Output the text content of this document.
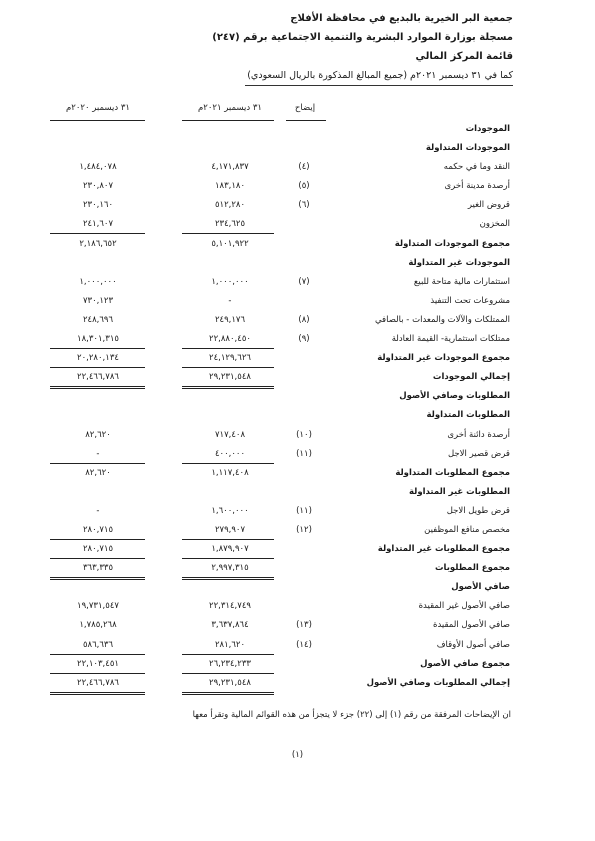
جمعية البر الخيرية بالبديع في محافظة الأفلاج
مسجلة بوزارة الموارد البشرية والتنمية الاجتماعية برقم (٢٤٧)
قائمة المركز المالي
كما في ٣١ ديسمبر ٢٠٢١م (جميع المبالغ المذكورة بالريال السعودي)
إيضاح
٣١ ديسمبر ٢٠٢١م
٣١ ديسمبر ٢٠٢٠م
الموجودات
الموجودات المتداولة
النقد وما في حكمه
(٤)
٤,١٧١,٨٣٧
١,٤٨٤,٠٧٨
أرصدة مدينة أخرى
(٥)
١٨٣,١٨٠
٢٣٠,٨٠٧
قروض الغير
(٦)
٥١٢,٢٨٠
٢٣٠,١٦٠
المخزون
٢٣٤,٦٢٥
٢٤١,٦٠٧
مجموع الموجودات المتداولة
٥,١٠١,٩٢٢
٢,١٨٦,٦٥٢
الموجودات غير المتداولة
استثمارات مالية متاحة للبيع
(٧)
١,٠٠٠,٠٠٠
١,٠٠٠,٠٠٠
مشروعات تحت التنفيذ
-
٧٣٠,١٢٣
الممتلكات والآلات والمعدات - بالصافي
(٨)
٢٤٩,١٧٦
٢٤٨,٦٩٦
ممتلكات استثمارية- القيمة العادلة
(٩)
٢٢,٨٨٠,٤٥٠
١٨,٣٠١,٣١٥
مجموع الموجودات غير المتداولة
٢٤,١٢٩,٦٢٦
٢٠,٢٨٠,١٣٤
إجمالي الموجودات
٢٩,٢٣١,٥٤٨
٢٢,٤٦٦,٧٨٦
المطلوبات وصافي الأصول
المطلوبات المتداولة
أرصدة دائنة أخرى
(١٠)
٧١٧,٤٠٨
٨٢,٦٢٠
قرض قصير الاجل
(١١)
٤٠٠,٠٠٠
-
مجموع المطلوبات المتداولة
١,١١٧,٤٠٨
٨٢,٦٢٠
المطلوبات غير المتداولة
قرض طويل الاجل
(١١)
١,٦٠٠,٠٠٠
-
مخصص منافع الموظفين
(١٢)
٢٧٩,٩٠٧
٢٨٠,٧١٥
مجموع المطلوبات غير المتداولة
١,٨٧٩,٩٠٧
٢٨٠,٧١٥
مجموع المطلوبات
٢,٩٩٧,٣١٥
٣٦٣,٣٣٥
صافي الأصول
صافي الأصول غير المقيدة
٢٢,٣١٤,٧٤٩
١٩,٧٣١,٥٤٧
صافي الأصول المقيدة
(١٣)
٣,٦٣٧,٨٦٤
١,٧٨٥,٢٦٨
صافي أصول الأوقاف
(١٤)
٢٨١,٦٢٠
٥٨٦,٦٣٦
مجموع صافي الأصول
٢٦,٢٣٤,٢٣٣
٢٢,١٠٣,٤٥١
إجمالي المطلوبات وصافي الأصول
٢٩,٢٣١,٥٤٨
٢٢,٤٦٦,٧٨٦
ان الإيضاحات المرفقة من رقم (١) إلى (٢٢) جزء لا يتجزأ من هذه القوائم المالية وتقرأ معها
(١)
